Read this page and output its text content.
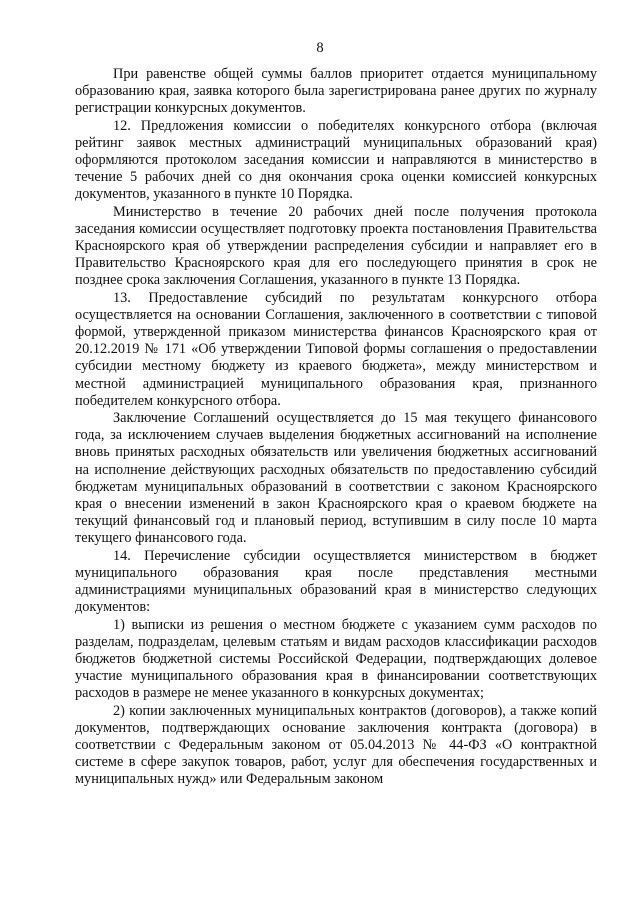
8

При равенстве общей суммы баллов приоритет отдается муниципальному образованию края, заявка которого была зарегистрирована ранее других по журналу регистрации конкурсных документов.

12. Предложения комиссии о победителях конкурсного отбора (включая рейтинг заявок местных администраций муниципальных образований края) оформляются протоколом заседания комиссии и направляются в министерство в течение 5 рабочих дней со дня окончания срока оценки комиссией конкурсных документов, указанного в пункте 10 Порядка.

Министерство в течение 20 рабочих дней после получения протокола заседания комиссии осуществляет подготовку проекта постановления Правительства Красноярского края об утверждении распределения субсидии и направляет его в Правительство Красноярского края для его последующего принятия в срок не позднее срока заключения Соглашения, указанного в пункте 13 Порядка.

13. Предоставление субсидий по результатам конкурсного отбора осуществляется на основании Соглашения, заключенного в соответствии с типовой формой, утвержденной приказом министерства финансов Красноярского края от 20.12.2019 № 171 «Об утверждении Типовой формы соглашения о предоставлении субсидии местному бюджету из краевого бюджета», между министерством и местной администрацией муниципального образования края, признанного победителем конкурсного отбора.

Заключение Соглашений осуществляется до 15 мая текущего финансового года, за исключением случаев выделения бюджетных ассигнований на исполнение вновь принятых расходных обязательств или увеличения бюджетных ассигнований на исполнение действующих расходных обязательств по предоставлению субсидий бюджетам муниципальных образований в соответствии с законом Красноярского края о внесении изменений в закон Красноярского края о краевом бюджете на текущий финансовый год и плановый период, вступившим в силу после 10 марта текущего финансового года.

14. Перечисление субсидии осуществляется министерством в бюджет муниципального образования края после представления местными администрациями муниципальных образований края в министерство следующих документов:

1) выписки из решения о местном бюджете с указанием сумм расходов по разделам, подразделам, целевым статьям и видам расходов классификации расходов бюджетов бюджетной системы Российской Федерации, подтверждающих долевое участие муниципального образования края в финансировании соответствующих расходов в размере не менее указанного в конкурсных документах;

2) копии заключенных муниципальных контрактов (договоров), а также копий документов, подтверждающих основание заключения контракта (договора) в соответствии с Федеральным законом от 05.04.2013 № 44-ФЗ «О контрактной системе в сфере закупок товаров, работ, услуг для обеспечения государственных и муниципальных нужд» или Федеральным законом
